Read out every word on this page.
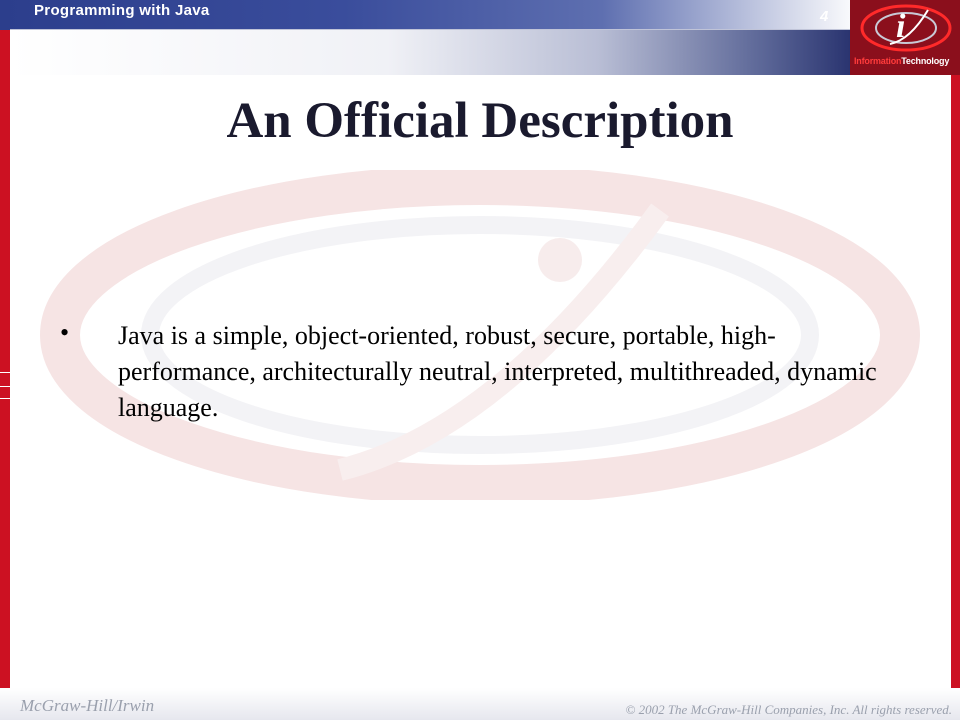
Programming with Java	4 i
InformationTechnology
An Official Description
• Java is a simple, object-oriented, robust, secure, portable, high-performance, architecturally neutral, interpreted, multithreaded, dynamic language.
McGraw-Hill/Irwin	© 2002 The McGraw-Hill Companies, Inc. All rights reserved.
